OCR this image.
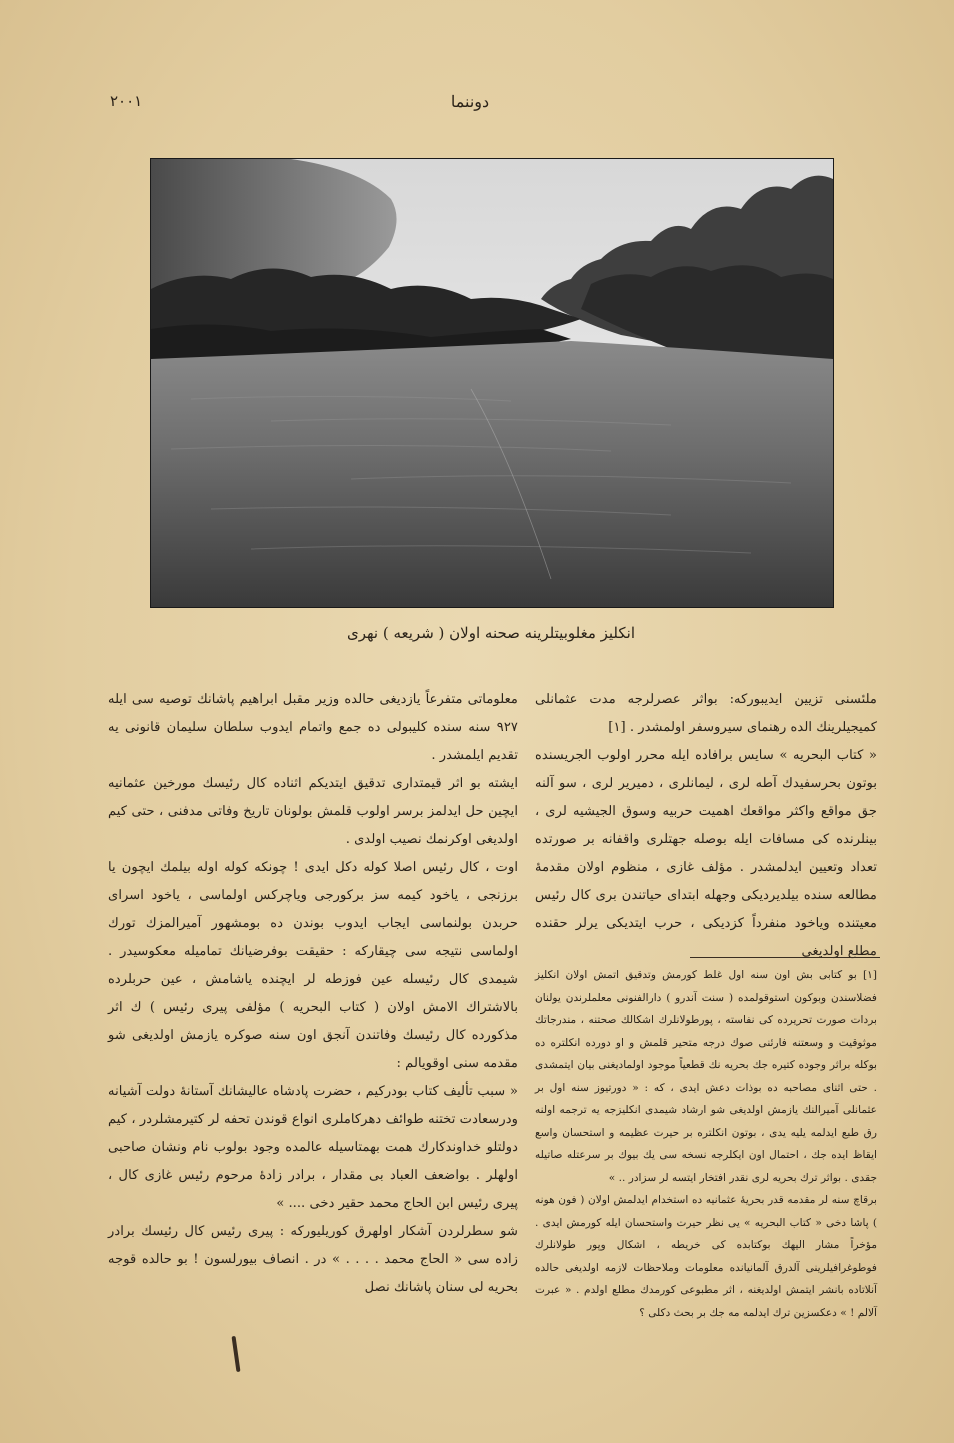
۲۰۰۱	دوننما
انكليز مغلوبيتلرينه صحنه اولان ( شريعه ) نهرى

ملئسنى تزيين ايديبوركه: بواثر عصرلرجه مدت عثمانلى كميجيلرينك الده رهنماى سيروسفر اولمشدر . [۱]

« كتاب البحريه » سايس برافاده ايله محرر اولوب الجريسنده بوتون بحرسفيدك آطه لرى ، ليمانلرى ، دميرير لرى ، سو آلنه جق مواقع واكثر مواقعك اهميت حربيه وسوق الجيشيه لرى ، بينلرنده كى مسافات ايله بوصله جهتلرى واقفانه بر صورتده تعداد وتعيين ايدلمشدر . مؤلف غازى ، منظوم اولان مقدمهٔ مطالعه سنده بيلديرديكى وجهله ابتداى حياتندن برى كال رئيس معيتنده وياخود منفرداً كزديكى ، حرب ايتديكى يرلر حقنده مطلع اولديغى

[۱] بو كتابى بش اون سنه اول غلط كورمش وتدقيق اتمش اولان انكليز فضلاسندن وبوكون استوقولمده ( سنت آندرو ) دارالفنونى معلملرندن يولنان بردات صورت تحريرده كى نفاسته ، پورطولانلرك اشكالك صحتنه ، مندرجاتك موثوقيت و وسعتنه فارئنى صوك درجه متحير قلمش و او دورده انكلتره ده بوكله براثر وجوده كتيره جك بحريه نك قطعياً موجود اولماديغنى بيان ايتمشدى . حتى اثناى مصاحبه ده بوذات دعش ايدى ، كه : « دورتيوز سنه اول بر عثمانلى آميرالنك يازمش اولديغى شو ارشاد شيمدى انكليزجه يه ترجمه اولنه رق طبع ايدلمه يليه يدى ، بوتون انكلتره بر حيرت عظيمه و استحسان واسع ايقاظ ايده جك ، احتمال اون ايكلرجه نسخه سى يك بيوك بر سرعتله صاتيله جقدى . بواثر ترك بحريه لرى نقدر افتخار ايتسه لر سزادر .. »

برقاچ سنه لر مقدمه قدر بحريهٔ عثمانيه ده استخدام ايدلمش اولان ( فون هونه ) پاشا دخى « كتاب البحريه » يى نظر حيرت واستحسان ايله كورمش ايدى . مؤخراً مشار اليهك بوكتابده كى خريطه ، اشكال وپور طولانلرك فوطوغرافيلرينى آلدرق آلمانيانده معلومات وملاحظات لازمه اولديغى حالده آنلاتاده بانشر ايتمش اولديغنه ، اثر مطبوعى كورمدك مطلع اولدم . « عبرت آلالم ! » دعكسزين ترك ايدلمه مه جك بر بحث دكلى ؟

معلوماتى متفرعاً يازديغى حالده وزير مقبل ابراهيم پاشانك توصيه سى ايله ۹۲۷ سنه سنده كليبولى ده جمع واتمام ايدوب سلطان سليمان قانونى يه تقديم ايلمشدر .

ايشته بو اثر قيمتدارى تدقيق ايتديكم اثناده كال رئيسك مورخين عثمانيه ايچين حل ايدلمز برسر اولوب قلمش بولونان تاريخ وفاتى مدفنى ، حتى كيم اولديغى اوكرنمك نصيب اولدى .

اوت ، كال رئيس اصلا كوله دكل ايدى ! چونكه كوله اوله بيلمك ايچون يا برزنجى ، ياخود كيمه سز بركورجى وياچركس اولماسى ، ياخود اسراى حربدن بولنماسى ايجاب ايدوب بوندن ده بومشهور آميرالمزك تورك اولماسى نتيجه سى چيقاركه : حقيقت بوفرضيانك تماميله معكوسيدر . شيمدى كال رئيسله عين فوزطه لر ايچنده ياشامش ، عين حربلرده بالاشتراك الامش اولان ( كتاب البحريه ) مؤلفى پيرى رئيس ) ك اثر مذكورده كال رئيسك وفاتندن آنجق اون سنه صوكره يازمش اولديغى شو مقدمه سنى اوقويالم :

« سبب تأليف كتاب بودركيم ، حضرت پادشاه عاليشانك آستانهٔ دولت آشيانه ودرسعادت تختنه طوائف دهركاملرى انواع قوندن تحفه لر كتيرمشلردر ، كيم دولتلو خداوندكارك همت بهمتاسيله عالمده وجود بولوب نام ونشان صاحبى اولهلر . بواضعف العباد بى مقدار ، برادر زادهٔ مرحوم رئيس غازى كال ، پيرى رئيس ابن الحاج محمد حقير دخى .... »

شو سطرلردن آشكار اولهرق كوريليوركه : پيرى رئيس كال رئيسك برادر زاده سى « الحاج محمد . . . . » در . انصاف بيورلسون ! بو حالده قوجه بحريه لى سنان پاشانك نصل
